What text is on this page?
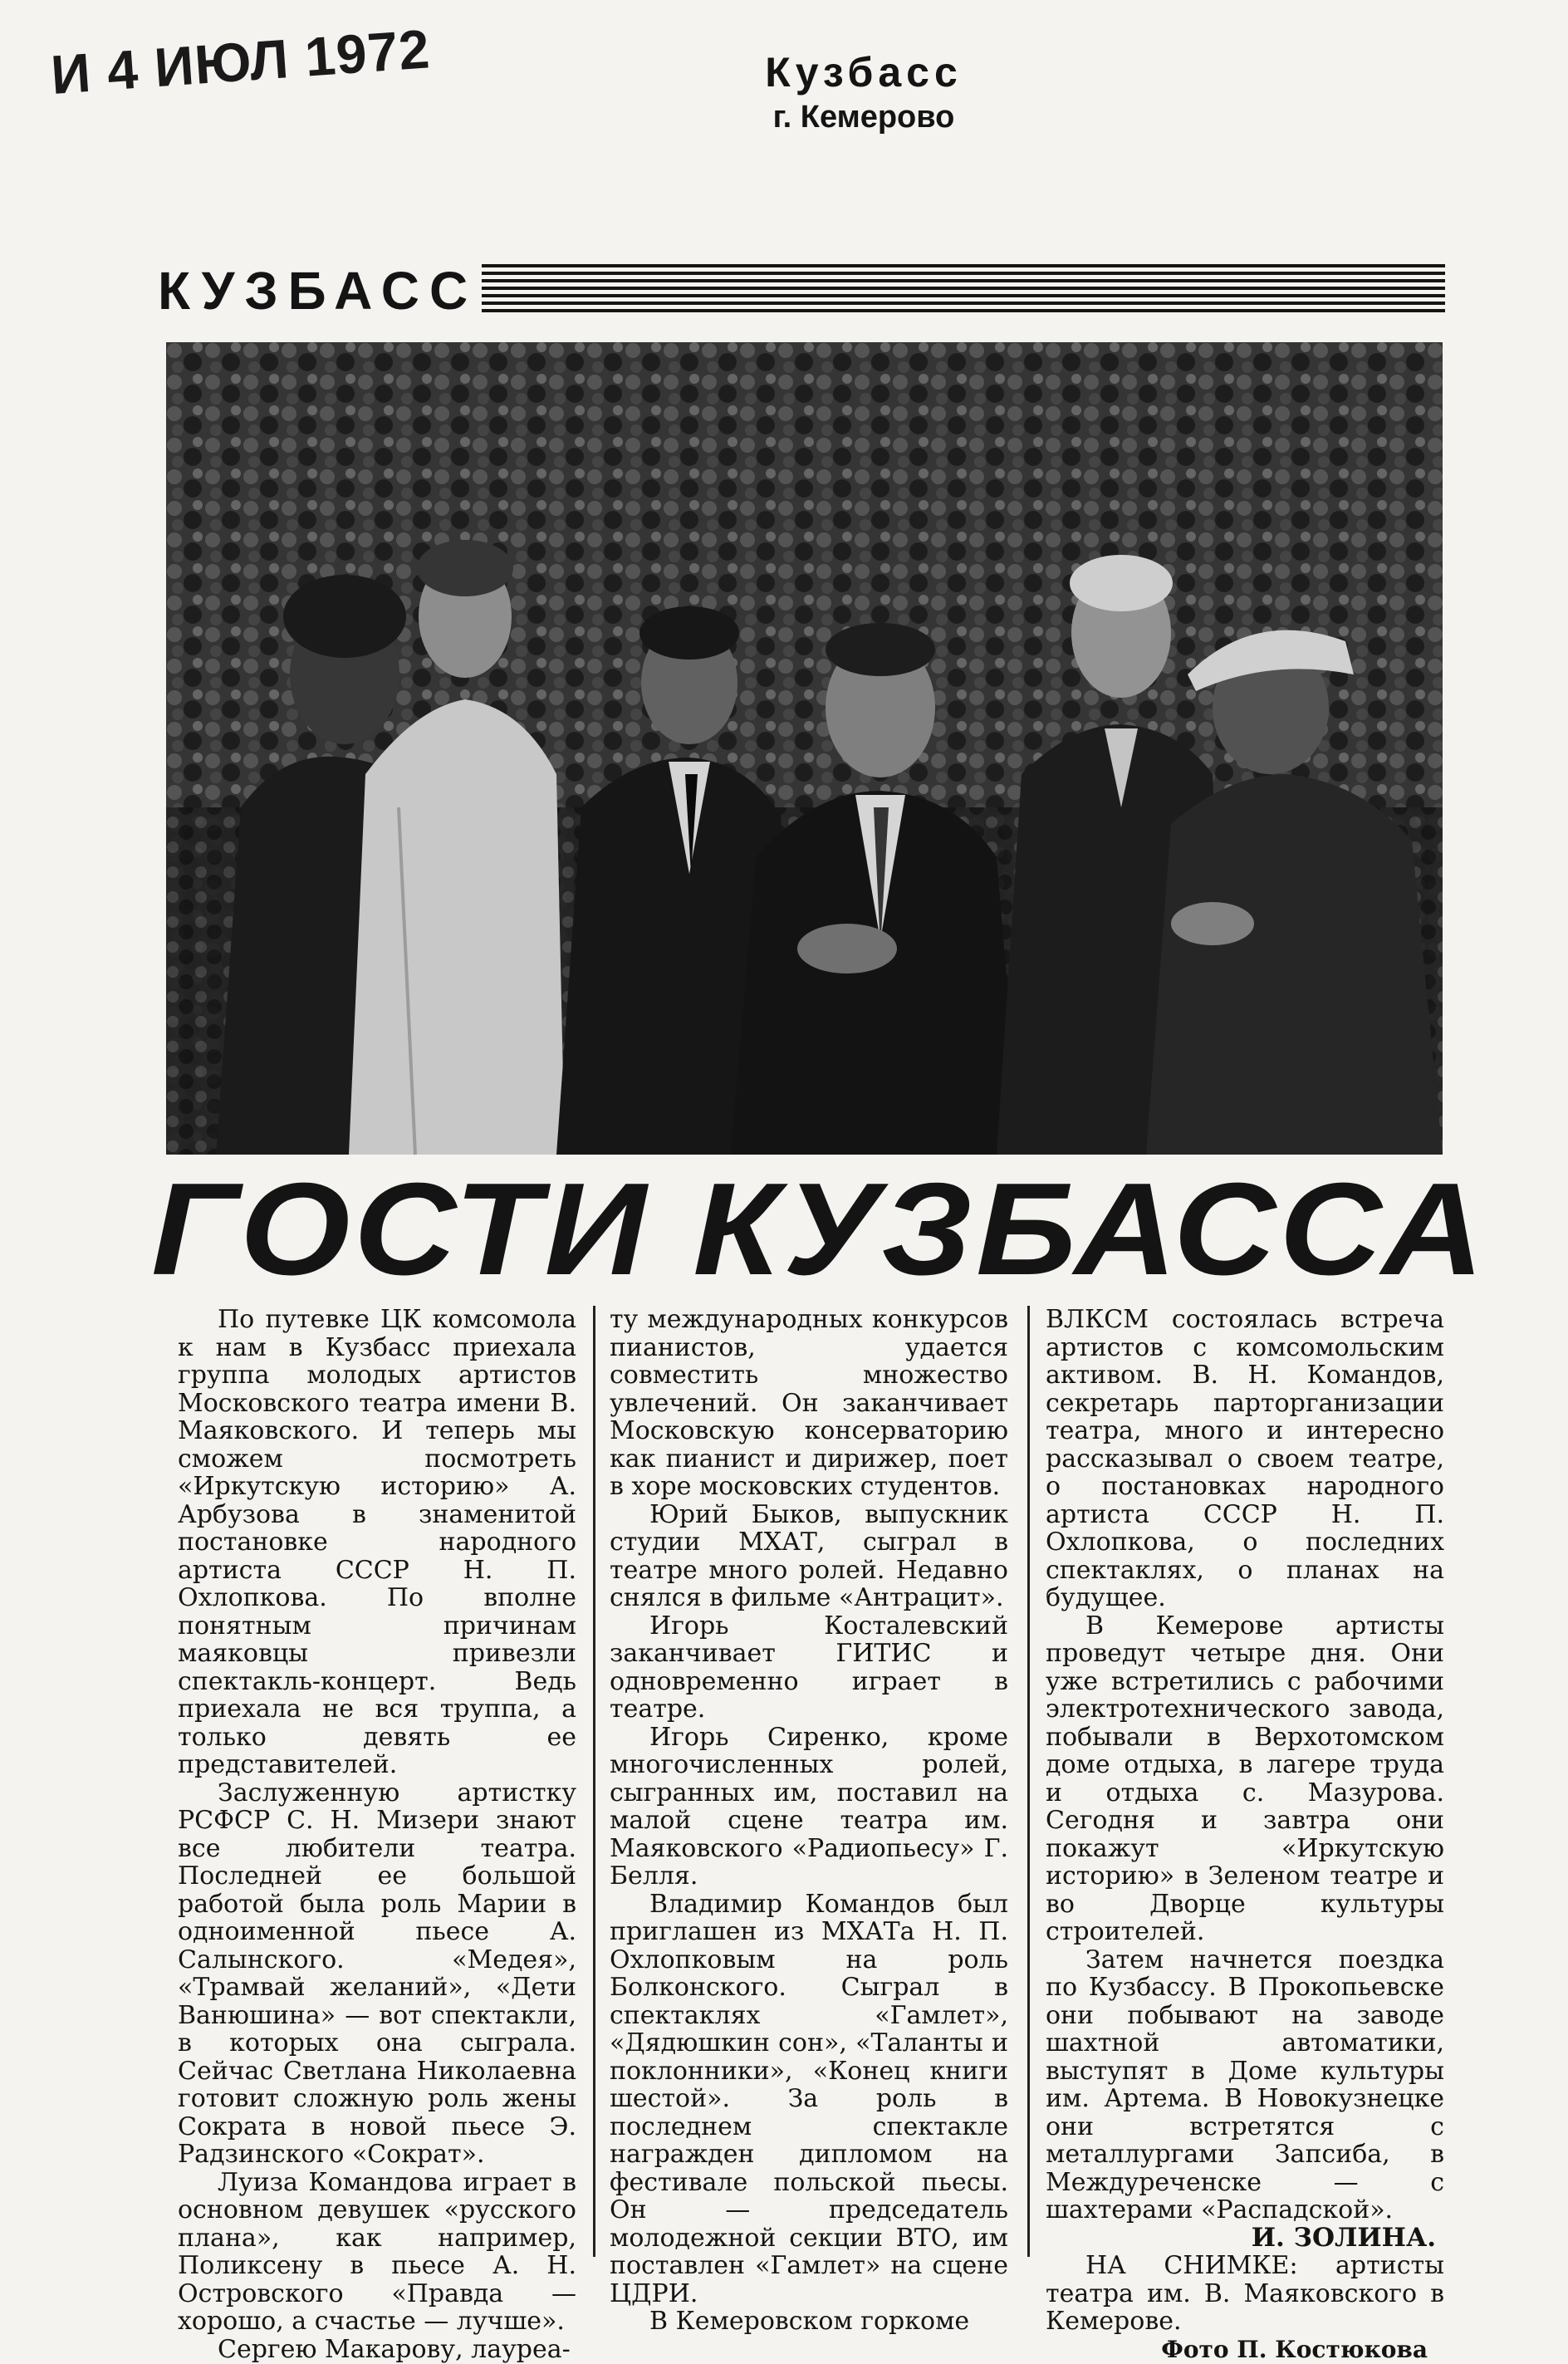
И 4 ИЮЛ 1972	Кузбасс
г. Кемерово
КУЗБАСС
ГОСТИ КУЗБАССА

По путевке ЦК комсомола к нам в Кузбасс приехала группа молодых артистов Московского театра имени В. Маяковского. И теперь мы сможем посмотреть «Иркутскую историю» А. Арбузова в знаменитой постановке народного артиста СССР Н. П. Охлопкова. По вполне понятным причинам маяковцы привезли спектакль-концерт. Ведь приехала не вся труппа, а только девять ее представителей.

Заслуженную артистку РСФСР С. Н. Мизери знают все любители театра. Последней ее большой работой была роль Марии в одноименной пьесе А. Салынского. «Медея», «Трамвай желаний», «Дети Ванюшина» — вот спектакли, в которых она сыграла. Сейчас Светлана Николаевна готовит сложную роль жены Сократа в новой пьесе Э. Радзинского «Сократ».

Луиза Командова играет в основном девушек «русского плана», как например, Поликсену в пьесе А. Н. Островского «Правда — хорошо, а счастье — лучше».

Сергею Макарову, лауреа-

ту международных конкурсов пианистов, удается совместить множество увлечений. Он заканчивает Московскую консерваторию как пианист и дирижер, поет в хоре московских студентов.

Юрий Быков, выпускник студии МХАТ, сыграл в театре много ролей. Недавно снялся в фильме «Антрацит».

Игорь Косталевский заканчивает ГИТИС и одновременно играет в театре.

Игорь Сиренко, кроме многочисленных ролей, сыгранных им, поставил на малой сцене театра им. Маяковского «Радиопьесу» Г. Белля.

Владимир Командов был приглашен из МХАТа Н. П. Охлопковым на роль Болконского. Сыграл в спектаклях «Гамлет», «Дядюшкин сон», «Таланты и поклонники», «Конец книги шестой». За роль в последнем спектакле награжден дипломом на фестивале польской пьесы. Он — председатель молодежной секции ВТО, им поставлен «Гамлет» на сцене ЦДРИ.

В Кемеровском горкоме

ВЛКСМ состоялась встреча артистов с комсомольским активом. В. Н. Командов, секретарь парторганизации театра, много и интересно рассказывал о своем театре, о постановках народного артиста СССР Н. П. Охлопкова, о последних спектаклях, о планах на будущее.

В Кемерове артисты проведут четыре дня. Они уже встретились с рабочими электротехнического завода, побывали в Верхотомском доме отдыха, в лагере труда и отдыха с. Мазурова. Сегодня и завтра они покажут «Иркутскую историю» в Зеленом театре и во Дворце культуры строителей.

Затем начнется поездка по Кузбассу. В Прокопьевске они побывают на заводе шахтной автоматики, выступят в Доме культуры им. Артема. В Новокузнецке они встретятся с металлургами Запсиба, в Междуреченске — с шахтерами «Распадской».

И. ЗОЛИНА.

НА СНИМКЕ: артисты театра им. В. Маяковского в Кемерове.

Фото П. Костюкова
